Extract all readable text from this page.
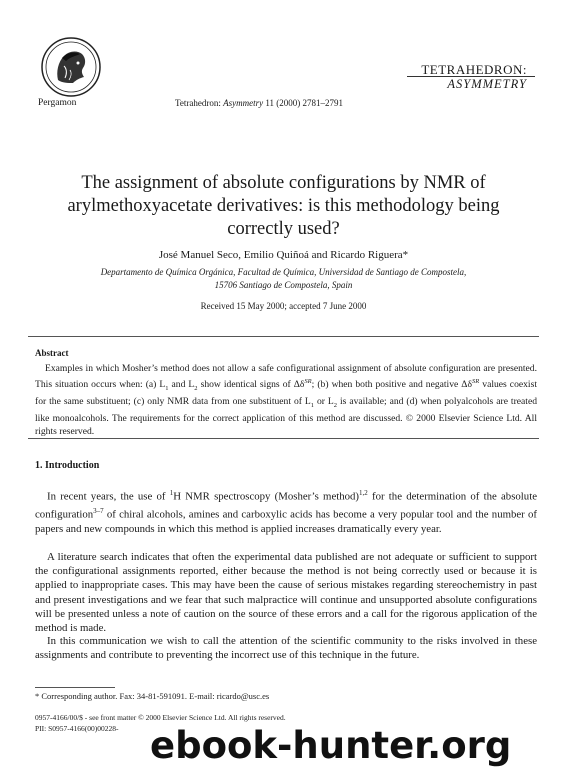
Pergamon	Tetrahedron: Asymmetry 11 (2000) 2781–2791
TETRAHEDRON:
ASYMMETRY
The assignment of absolute configurations by NMR of arylmethoxyacetate derivatives: is this methodology being correctly used?
José Manuel Seco, Emilio Quiñoá and Ricardo Riguera*
Departamento de Química Orgánica, Facultad de Química, Universidad de Santiago de Compostela,
15706 Santiago de Compostela, Spain
Received 15 May 2000; accepted 7 June 2000
Abstract
Examples in which Mosher’s method does not allow a safe configurational assignment of absolute configuration are presented. This situation occurs when: (a) $L_1$ and $L_2$ show identical signs of $\Delta\delta^{SR}$; (b) when both positive and negative $\Delta\delta^{SR}$ values coexist for the same substituent; (c) only NMR data from one substituent of $L_1$ or $L_2$ is available; and (d) when polyalcohols are treated like monoalcohols. The requirements for the correct application of this method are discussed. © 2000 Elsevier Science Ltd. All rights reserved.
1. Introduction
In recent years, the use of $^1$H NMR spectroscopy (Mosher’s method)$^{1,2}$ for the determination of the absolute configuration$^{3-7}$ of chiral alcohols, amines and carboxylic acids has become a very popular tool and the number of papers and new compounds in which this method is applied increases dramatically every year.
A literature search indicates that often the experimental data published are not adequate or sufficient to support the configurational assignments reported, either because the method is not being correctly used or because it is applied to inappropriate cases. This may have been the cause of serious mistakes regarding stereochemistry in past and present investigations and we fear that such malpractice will continue and unsupported absolute configurations will be presented unless a note of caution on the source of these errors and a call for the rigorous application of the method is made.
In this communication we wish to call the attention of the scientific community to the risks involved in these assignments and contribute to preventing the incorrect use of this technique in the future.
* Corresponding author. Fax: 34-81-591091. E-mail: ricardo@usc.es
0957-4166/00/$ - see front matter © 2000 Elsevier Science Ltd. All rights reserved.
PII: S0957-4166(00)00228- ebook-hunter.org
